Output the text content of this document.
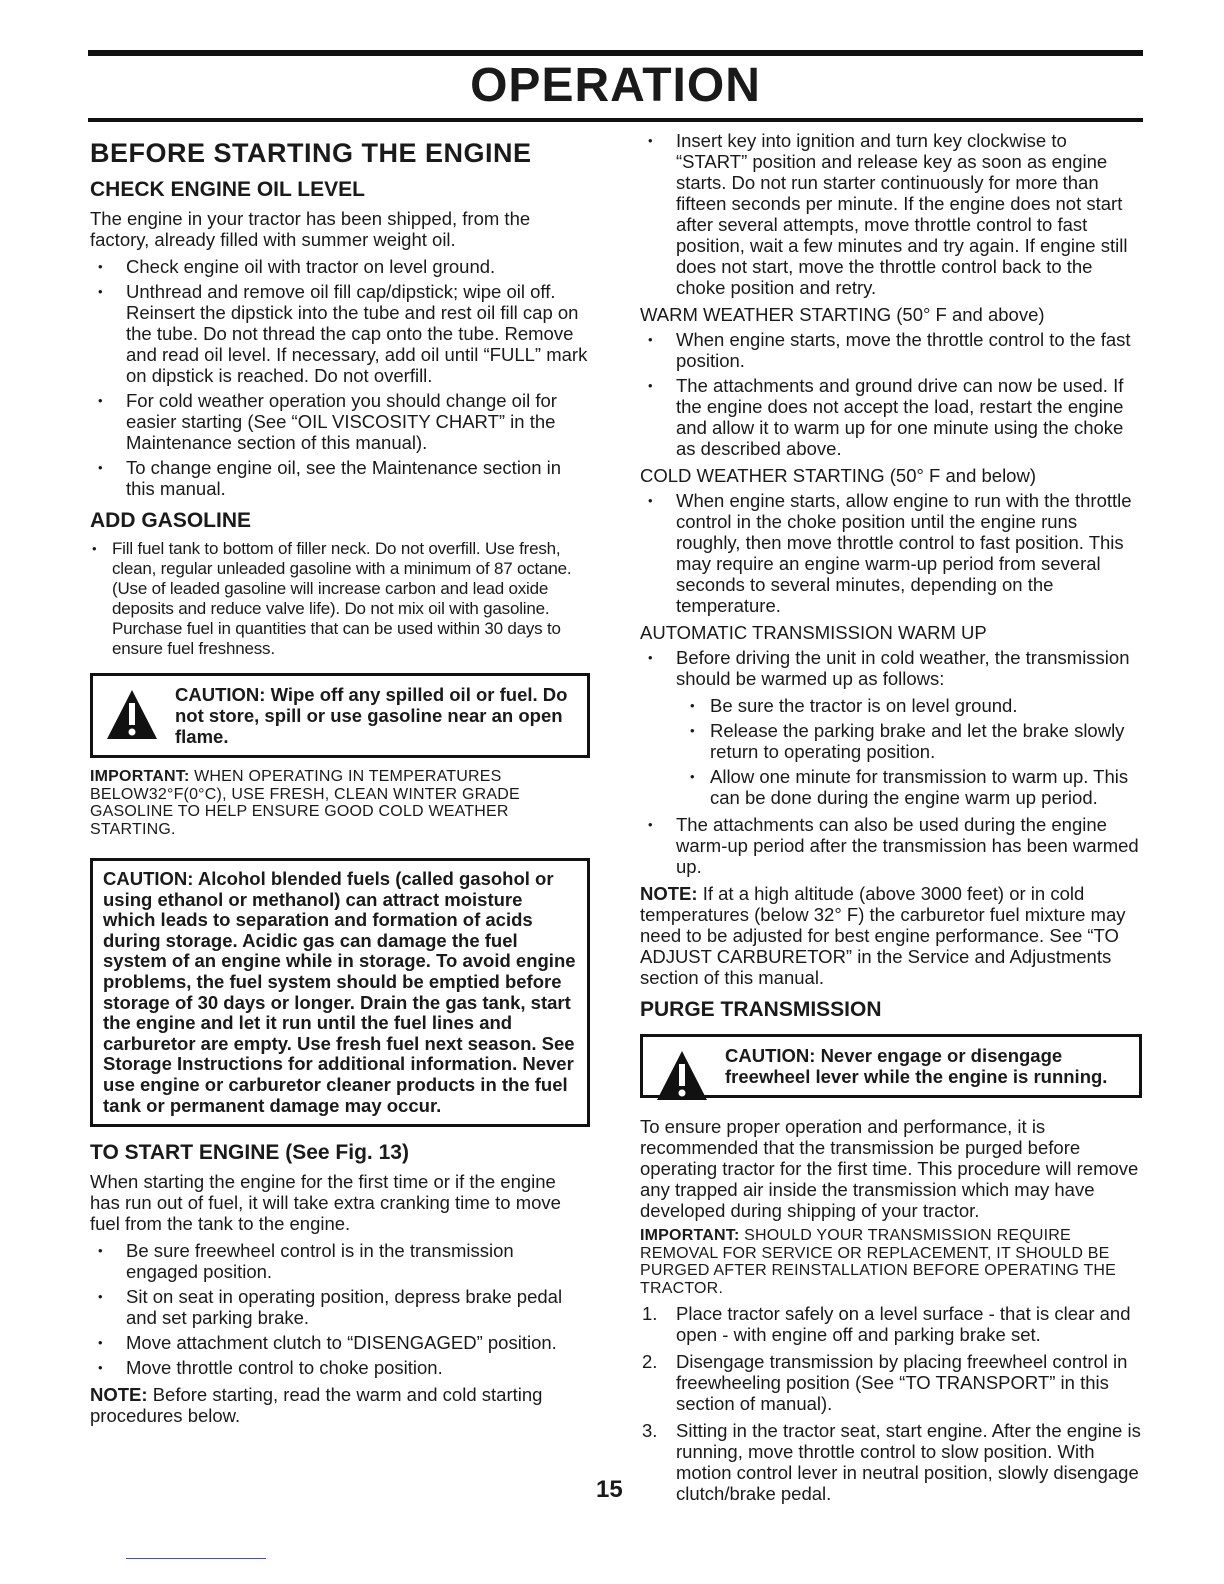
OPERATION
BEFORE STARTING THE ENGINE
CHECK ENGINE OIL LEVEL

The engine in your tractor has been shipped, from the factory, already filled with summer weight oil.

• Check engine oil with tractor on level ground.
• Unthread and remove oil fill cap/dipstick; wipe oil off. Reinsert the dipstick into the tube and rest oil fill cap on the tube. Do not thread the cap onto the tube. Remove and read oil level. If necessary, add oil until “FULL” mark on dipstick is reached. Do not overfill.
• For cold weather operation you should change oil for easier starting (See “OIL VISCOSITY CHART” in the Maintenance section of this manual).
• To change engine oil, see the Maintenance section in this manual.
ADD GASOLINE
• Fill fuel tank to bottom of filler neck. Do not overfill. Use fresh, clean, regular unleaded gasoline with a minimum of 87 octane. (Use of leaded gasoline will increase carbon and lead oxide deposits and reduce valve life). Do not mix oil with gasoline. Purchase fuel in quantities that can be used within 30 days to ensure fuel freshness.
CAUTION: Wipe off any spilled oil or fuel. Do not store, spill or use gasoline near an open flame.

IMPORTANT: WHEN OPERATING IN TEMPERATURES BELOW32°F(0°C), USE FRESH, CLEAN WINTER GRADE GASOLINE TO HELP ENSURE GOOD COLD WEATHER STARTING.

CAUTION: Alcohol blended fuels (called gasohol or using ethanol or methanol) can attract moisture which leads to separation and formation of acids during storage. Acidic gas can damage the fuel system of an engine while in storage. To avoid engine problems, the fuel system should be emptied before storage of 30 days or longer. Drain the gas tank, start the engine and let it run until the fuel lines and carburetor are empty. Use fresh fuel next season. See Storage Instructions for additional information. Never use engine or carburetor cleaner products in the fuel tank or permanent damage may occur.
TO START ENGINE (See Fig. 13)

When starting the engine for the first time or if the engine has run out of fuel, it will take extra cranking time to move fuel from the tank to the engine.

• Be sure freewheel control is in the transmission engaged position.
• Sit on seat in operating position, depress brake pedal and set parking brake.
• Move attachment clutch to “DISENGAGED” position.
• Move throttle control to choke position.

NOTE: Before starting, read the warm and cold starting procedures below.

• Insert key into ignition and turn key clockwise to “START” position and release key as soon as engine starts. Do not run starter continuously for more than fifteen seconds per minute. If the engine does not start after several attempts, move throttle control to fast position, wait a few minutes and try again. If engine still does not start, move the throttle control back to the choke position and retry.

WARM WEATHER STARTING (50° F and above)

• When engine starts, move the throttle control to the fast position.
• The attachments and ground drive can now be used. If the engine does not accept the load, restart the engine and allow it to warm up for one minute using the choke as described above.

COLD WEATHER STARTING (50° F and below)

• When engine starts, allow engine to run with the throttle control in the choke position until the engine runs roughly, then move throttle control to fast position. This may require an engine warm-up period from several seconds to several minutes, depending on the temperature.

AUTOMATIC TRANSMISSION WARM UP

• Before driving the unit in cold weather, the transmission should be warmed up as follows:
• Be sure the tractor is on level ground.
• Release the parking brake and let the brake slowly return to operating position.
• Allow one minute for transmission to warm up. This can be done during the engine warm up period.
• The attachments can also be used during the engine warm-up period after the transmission has been warmed up.

NOTE: If at a high altitude (above 3000 feet) or in cold temperatures (below 32° F) the carburetor fuel mixture may need to be adjusted for best engine performance. See “TO ADJUST CARBURETOR” in the Service and Adjustments section of this manual.

PURGE TRANSMISSION
CAUTION: Never engage or disengage freewheel lever while the engine is running.

To ensure proper operation and performance, it is recommended that the transmission be purged before operating tractor for the first time. This procedure will remove any trapped air inside the transmission which may have developed during shipping of your tractor.

IMPORTANT: SHOULD YOUR TRANSMISSION REQUIRE REMOVAL FOR SERVICE OR REPLACEMENT, IT SHOULD BE PURGED AFTER REINSTALLATION BEFORE OPERATING THE TRACTOR.

1. Place tractor safely on a level surface - that is clear and open - with engine off and parking brake set.
2. Disengage transmission by placing freewheel control in freewheeling position (See “TO TRANSPORT” in this section of manual).
3. Sitting in the tractor seat, start engine. After the engine is running, move throttle control to slow position. With motion control lever in neutral position, slowly disengage clutch/brake pedal.
15
